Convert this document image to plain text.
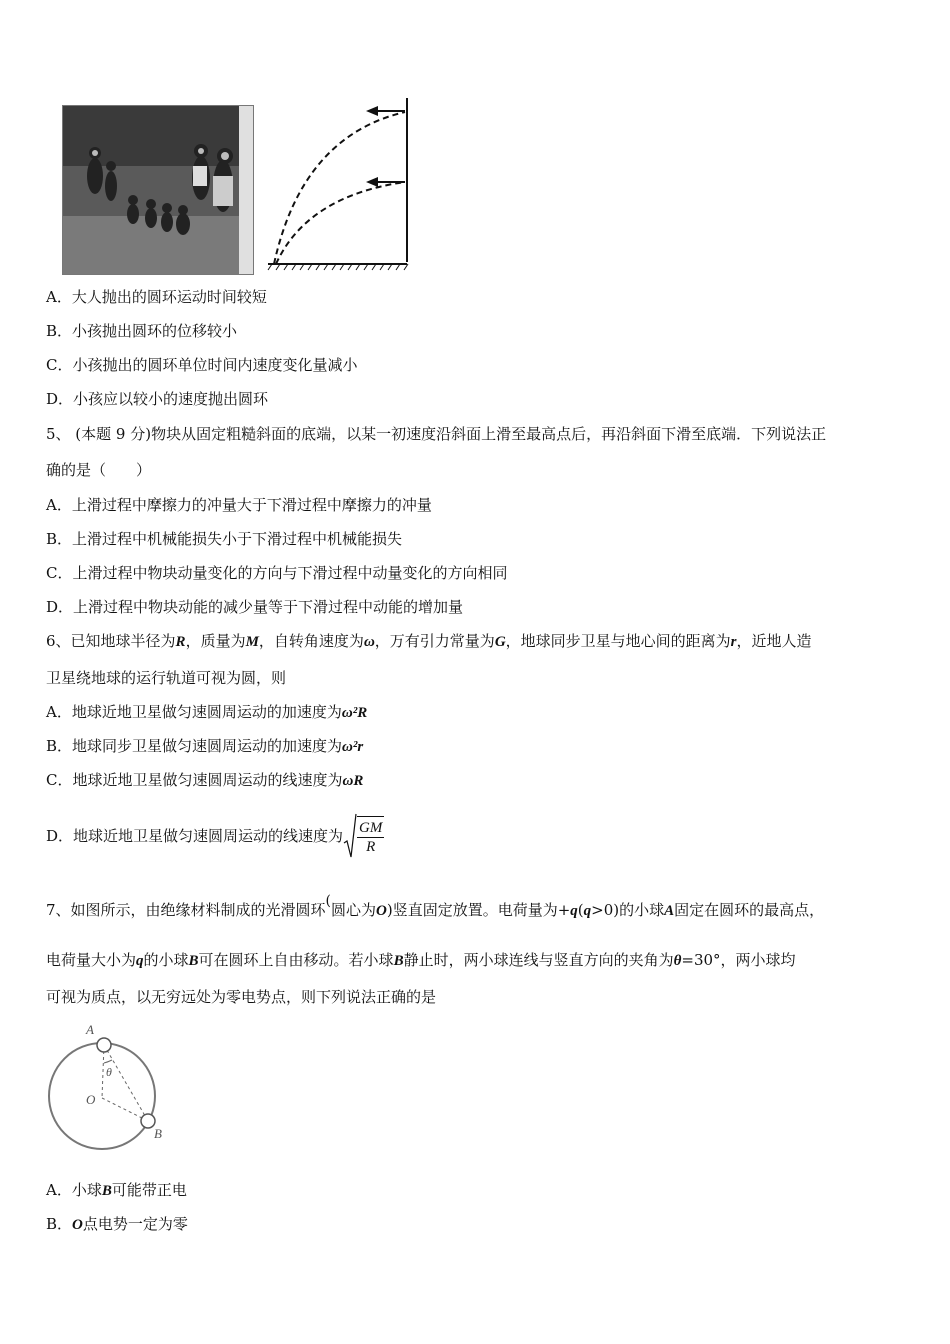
A．大人抛出的圆环运动时间较短
B．小孩抛出圆环的位移较小
C．小孩抛出的圆环单位时间内速度变化量减小
D．小孩应以较小的速度抛出圆环
5、 (本题 9 分)物块从固定粗糙斜面的底端，以某一初速度沿斜面上滑至最高点后，再沿斜面下滑至底端．下列说法正
确的是（　　）
A．上滑过程中摩擦力的冲量大于下滑过程中摩擦力的冲量
B．上滑过程中机械能损失小于下滑过程中机械能损失
C．上滑过程中物块动量变化的方向与下滑过程中动量变化的方向相同
D．上滑过程中物块动能的减少量等于下滑过程中动能的增加量
6、已知地球半径为R，质量为M，自转角速度为ω，万有引力常量为G，地球同步卫星与地心间的距离为r，近地人造
卫星绕地球的运行轨道可视为圆，则
A．地球近地卫星做匀速圆周运动的加速度为ω²R
B．地球同步卫星做匀速圆周运动的加速度为ω²r
C．地球近地卫星做匀速圆周运动的线速度为ωR
D．地球近地卫星做匀速圆周运动的线速度为 $\frac{GM}{R}$
7、如图所示，由绝缘材料制成的光滑圆环(圆心为O)竖直固定放置。电荷量为+q(q>0)的小球A固定在圆环的最高点，
电荷量大小为q的小球B可在圆环上自由移动。若小球B静止时，两小球连线与竖直方向的夹角为θ=30°，两小球均
可视为质点，以无穷远处为零电势点，则下列说法正确的是
A
B
O
θ
A．小球B可能带正电
B．O点电势一定为零
